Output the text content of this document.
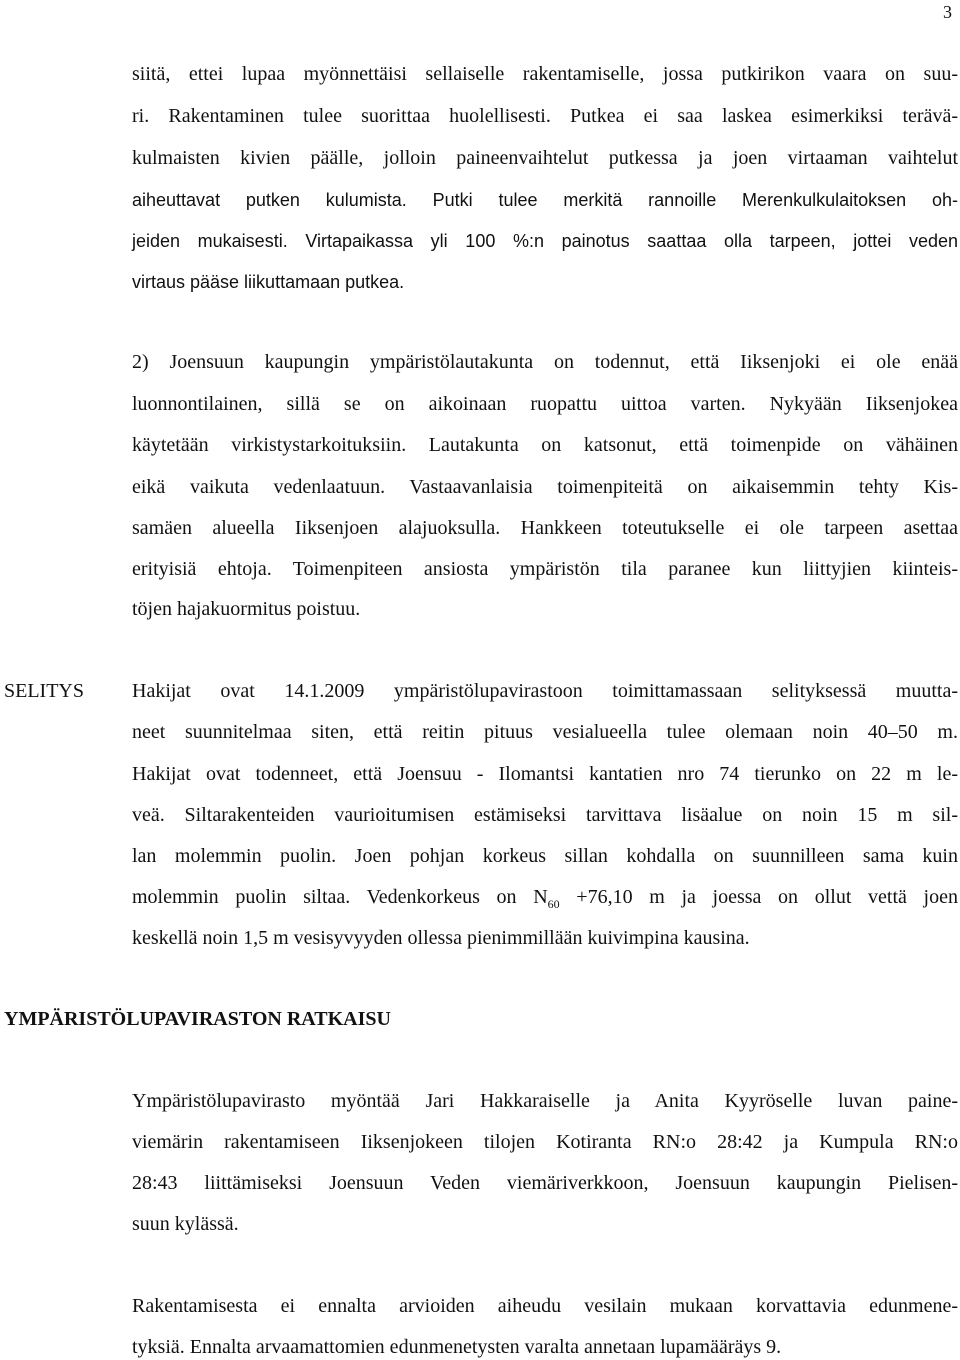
3
siitä, ettei lupaa myönnettäisi sellaiselle rakentamiselle, jossa putkirikon vaara on suu-
ri. Rakentaminen tulee suorittaa huolellisesti. Putkea ei saa laskea esimerkiksi terävä-
kulmaisten kivien päälle, jolloin paineenvaihtelut putkessa ja joen virtaaman vaihtelut
aiheuttavat putken kulumista. Putki tulee merkitä rannoille Merenkulkulaitoksen oh-
jeiden mukaisesti. Virtapaikassa yli 100 %:n painotus saattaa olla tarpeen, jottei veden
virtaus pääse liikuttamaan putkea.
2) Joensuun kaupungin ympäristölautakunta on todennut, että Iiksenjoki ei ole enää
luonnontilainen, sillä se on aikoinaan ruopattu uittoa varten. Nykyään Iiksenjokea
käytetään virkistystarkoituksiin. Lautakunta on katsonut, että toimenpide on vähäinen
eikä vaikuta vedenlaatuun. Vastaavanlaisia toimenpiteitä on aikaisemmin tehty Kis-
samäen alueella Iiksenjoen alajuoksulla. Hankkeen toteutukselle ei ole tarpeen asettaa
erityisiä ehtoja. Toimenpiteen ansiosta ympäristön tila paranee kun liittyjien kiinteis-
töjen hajakuormitus poistuu.
SELITYS Hakijat ovat 14.1.2009 ympäristölupavirastoon toimittamassaan selityksessä muutta-
neet suunnitelmaa siten, että reitin pituus vesialueella tulee olemaan noin 40–50 m.
Hakijat ovat todenneet, että Joensuu - Ilomantsi kantatien nro 74 tierunko on 22 m le-
veä. Siltarakenteiden vaurioitumisen estämiseksi tarvittava lisäalue on noin 15 m sil-
lan molemmin puolin. Joen pohjan korkeus sillan kohdalla on suunnilleen sama kuin
molemmin puolin siltaa. Vedenkorkeus on $N_{60} +76,10$ m ja joessa on ollut vettä joen
keskellä noin 1,5 m vesisyvyyden ollessa pienimmillään kuivimpina kausina.
YMPÄRISTÖLUPAVIRASTON RATKAISU
Ympäristölupavirasto myöntää Jari Hakkaraiselle ja Anita Kyyröselle luvan paine-
viemärin rakentamiseen Iiksenjokeen tilojen Kotiranta RN:o 28:42 ja Kumpula RN:o
28:43 liittämiseksi Joensuun Veden viemäriverkkoon, Joensuun kaupungin Pielisen-
suun kylässä.
Rakentamisesta ei ennalta arvioiden aiheudu vesilain mukaan korvattavia edunmene-
tyksiä. Ennalta arvaamattomien edunmenetysten varalta annetaan lupamääräys 9.
